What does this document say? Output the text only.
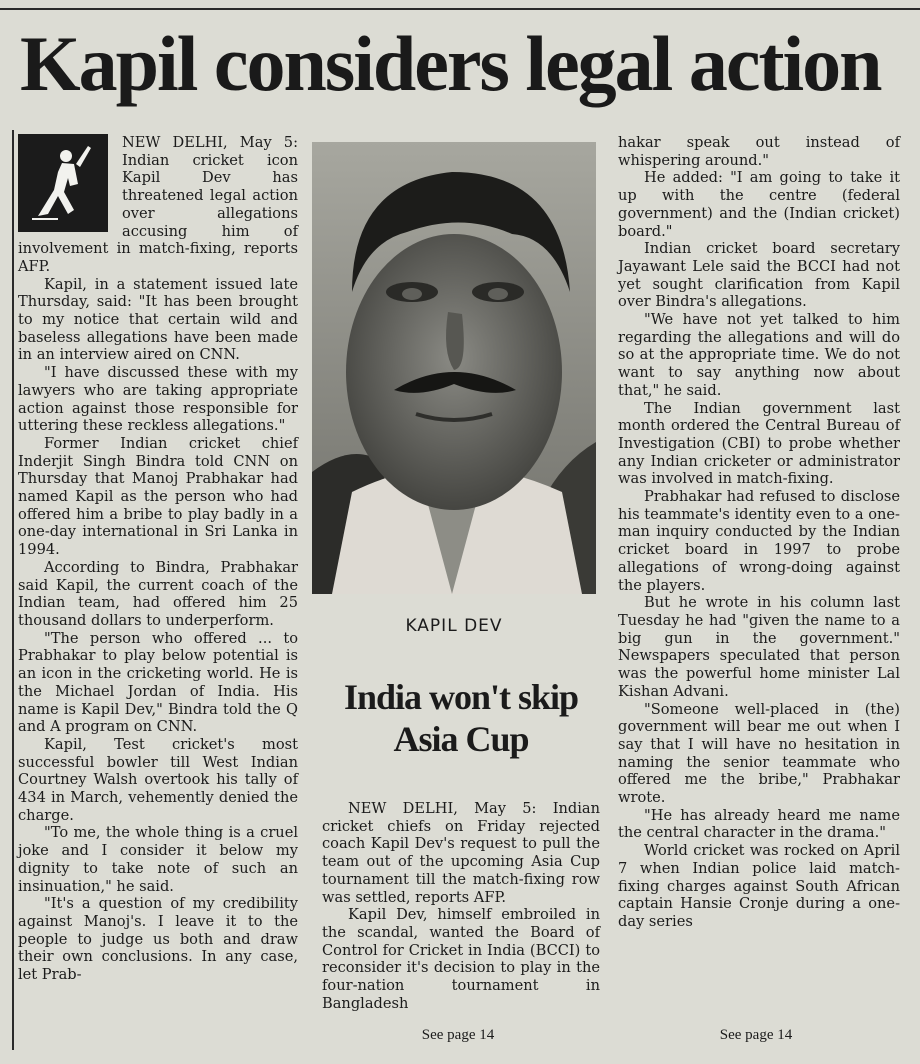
Kapil considers legal action

NEW DELHI, May 5: Indian cricket icon Kapil Dev has threatened legal action over allegations accusing him of involvement in match-fixing, reports AFP.

Kapil, in a statement issued late Thursday, said: "It has been brought to my notice that certain wild and baseless allegations have been made in an interview aired on CNN.

"I have discussed these with my lawyers who are taking appropriate action against those responsible for uttering these reckless allegations."

Former Indian cricket chief Inderjit Singh Bindra told CNN on Thursday that Manoj Prabhakar had named Kapil as the person who had offered him a bribe to play badly in a one-day international in Sri Lanka in 1994.

According to Bindra, Prabhakar said Kapil, the current coach of the Indian team, had offered him 25 thousand dollars to underperform.

"The person who offered ... to Prabhakar to play below potential is an icon in the cricketing world. He is the Michael Jordan of India. His name is Kapil Dev," Bindra told the Q and A program on CNN.

Kapil, Test cricket's most successful bowler till West Indian Courtney Walsh overtook his tally of 434 in March, vehemently denied the charge.

"To me, the whole thing is a cruel joke and I consider it below my dignity to take note of such an insinuation," he said.

"It's a question of my credibility against Manoj's. I leave it to the people to judge us both and draw their own conclusions. In any case, let Prab-

KAPIL DEV
India won't skip Asia Cup

NEW DELHI, May 5: Indian cricket chiefs on Friday rejected coach Kapil Dev's request to pull the team out of the upcoming Asia Cup tournament till the match-fixing row was settled, reports AFP.

Kapil Dev, himself embroiled in the scandal, wanted the Board of Control for Cricket in India (BCCI) to reconsider it's decision to play in the four-nation tournament in Bangladesh

See page 14

hakar speak out instead of whispering around."

He added: "I am going to take it up with the centre (federal government) and the (Indian cricket) board."

Indian cricket board secretary Jayawant Lele said the BCCI had not yet sought clarification from Kapil over Bindra's allegations.

"We have not yet talked to him regarding the allegations and will do so at the appropriate time. We do not want to say anything now about that," he said.

The Indian government last month ordered the Central Bureau of Investigation (CBI) to probe whether any Indian cricketer or administrator was involved in match-fixing.

Prabhakar had refused to disclose his teammate's identity even to a one-man inquiry conducted by the Indian cricket board in 1997 to probe allegations of wrong-doing against the players.

But he wrote in his column last Tuesday he had "given the name to a big gun in the government." Newspapers speculated that person was the powerful home minister Lal Kishan Advani.

"Someone well-placed in (the) government will bear me out when I say that I will have no hesitation in naming the senior teammate who offered me the bribe," Prabhakar wrote.

"He has already heard me name the central character in the drama."

World cricket was rocked on April 7 when Indian police laid match-fixing charges against South African captain Hansie Cronje during a one-day series

See page 14
